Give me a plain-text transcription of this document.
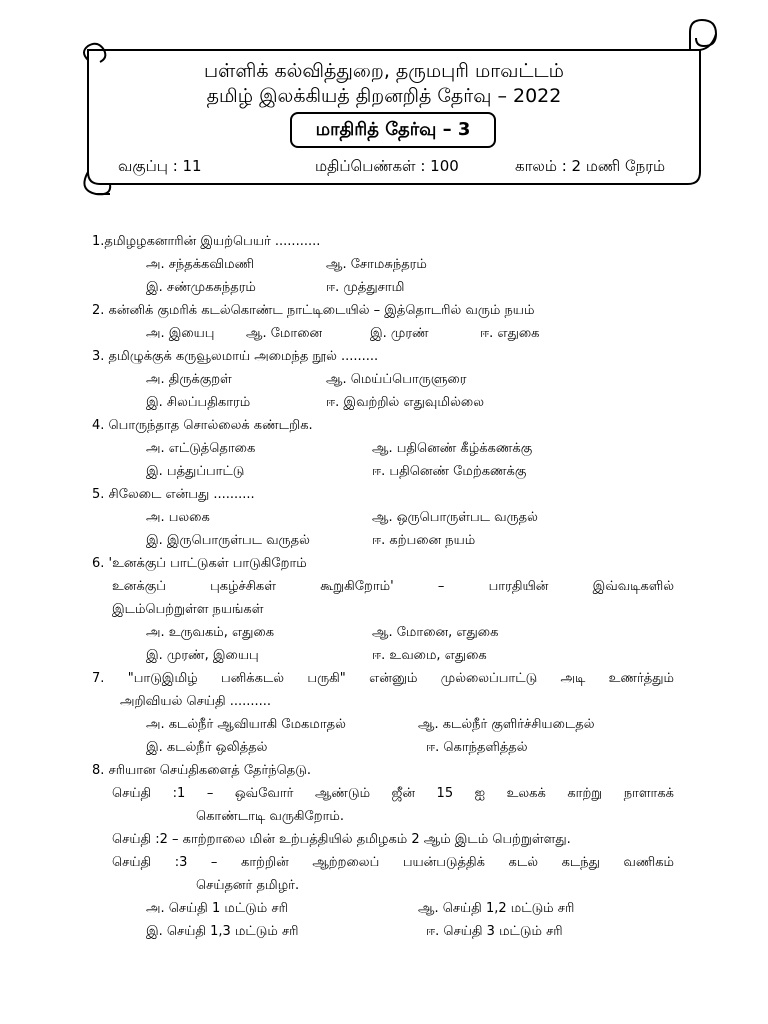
பள்ளிக் கல்வித்துறை, தருமபுரி மாவட்டம்
தமிழ் இலக்கியத் திறனறித் தேர்வு – 2022
மாதிரித் தேர்வு – 3
வகுப்பு : 11	மதிப்பெண்கள் : 100	காலம் : 2 மணி நேரம்
1.தமிழழகனாரின் இயற்பெயர் ...........
அ. சந்தக்கவிமணி	ஆ. சோமசுந்தரம்
இ. சண்முகசுந்தரம்	ஈ. முத்துசாமி
2. கன்னிக் குமரிக் கடல்கொண்ட நாட்டிடையில் – இத்தொடரில் வரும் நயம்
அ. இயைபு ஆ. மோனை	இ. முரண்	ஈ. எதுகை
3. தமிழுக்குக் கருவூலமாய் அமைந்த நூல் .........
அ. திருக்குறள்	ஆ. மெய்ப்பொருளுரை
இ. சிலப்பதிகாரம்	ஈ. இவற்றில் எதுவுமில்லை
4. பொருந்தாத சொல்லைக் கண்டறிக.
அ. எட்டுத்தொகை	ஆ. பதினெண் கீழ்க்கணக்கு
இ. பத்துப்பாட்டு	ஈ. பதினெண் மேற்கணக்கு
5. சிலேடை என்பது ..........
அ. பலகை	ஆ. ஒருபொருள்பட வருதல்
இ. இருபொருள்பட வருதல்	ஈ. கற்பனை நயம்
6. 'உனக்குப் பாட்டுகள் பாடுகிறோம்
உனக்குப் புகழ்ச்சிகள் கூறுகிறோம்' – பாரதியின் இவ்வடிகளில்
இடம்பெற்றுள்ள நயங்கள்
அ. உருவகம், எதுகை	ஆ. மோனை, எதுகை
இ. முரண், இயைபு	ஈ. உவமை, எதுகை
7. "பாடுஇமிழ் பனிக்கடல் பருகி" என்னும் முல்லைப்பாட்டு அடி உணர்த்தும்
அறிவியல் செய்தி ..........
அ. கடல்நீர் ஆவியாகி மேகமாதல்	ஆ. கடல்நீர் குளிர்ச்சியடைதல்
இ. கடல்நீர் ஒலித்தல்	ஈ. கொந்தளித்தல்
8. சரியான செய்திகளைத் தேர்ந்தெடு.
செய்தி :1 – ஒவ்வோர் ஆண்டும் ஜீன் 15 ஐ உலகக் காற்று நாளாகக்
கொண்டாடி வருகிறோம்.
செய்தி :2 – காற்றாலை மின் உற்பத்தியில் தமிழகம் 2 ஆம் இடம் பெற்றுள்ளது.
செய்தி :3 – காற்றின் ஆற்றலைப் பயன்படுத்திக் கடல் கடந்து வணிகம்
செய்தனர் தமிழர்.
அ. செய்தி 1 மட்டும் சரி	ஆ. செய்தி 1,2 மட்டும் சரி
இ. செய்தி 1,3 மட்டும் சரி	ஈ. செய்தி 3 மட்டும் சரி
